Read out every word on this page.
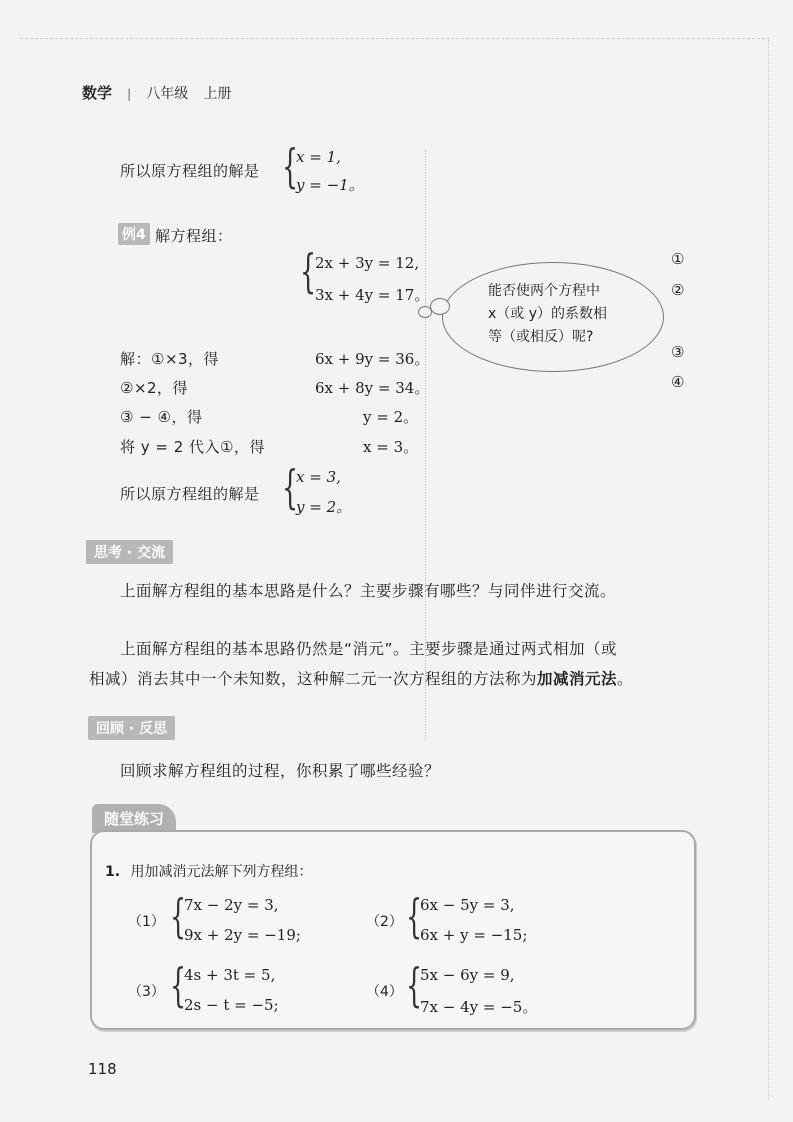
数学 | 八年级 上册
所以原方程组的解是 {
x = 1,
y = −1。
例4 解方程组：
{
2x + 3y = 12,
3x + 4y = 17。
①
②
③
④
能否使两个方程中
x（或 y）的系数相
等（或相反）呢?
解：①×3，得	6x + 9y = 36。
②×2，得	6x + 8y = 34。
③ − ④，得	y = 2。
将 y = 2 代入①，得	x = 3。
所以原方程组的解是 {
x = 3,
y = 2。
思考 · 交流
上面解方程组的基本思路是什么？主要步骤有哪些？与同伴进行交流。
上面解方程组的基本思路仍然是“消元”。主要步骤是通过两式相加（或
相减）消去其中一个未知数，这种解二元一次方程组的方法称为加减消元法。
回顾 · 反思
回顾求解方程组的过程，你积累了哪些经验？
随堂练习
1. 用加减消元法解下列方程组：
（1） {
7x − 2y = 3,
9x + 2y = −19;
（2） {
6x − 5y = 3,
6x + y = −15;
（3） {
4s + 3t = 5,
2s − t = −5;
（4） {
5x − 6y = 9,
7x − 4y = −5。
118
